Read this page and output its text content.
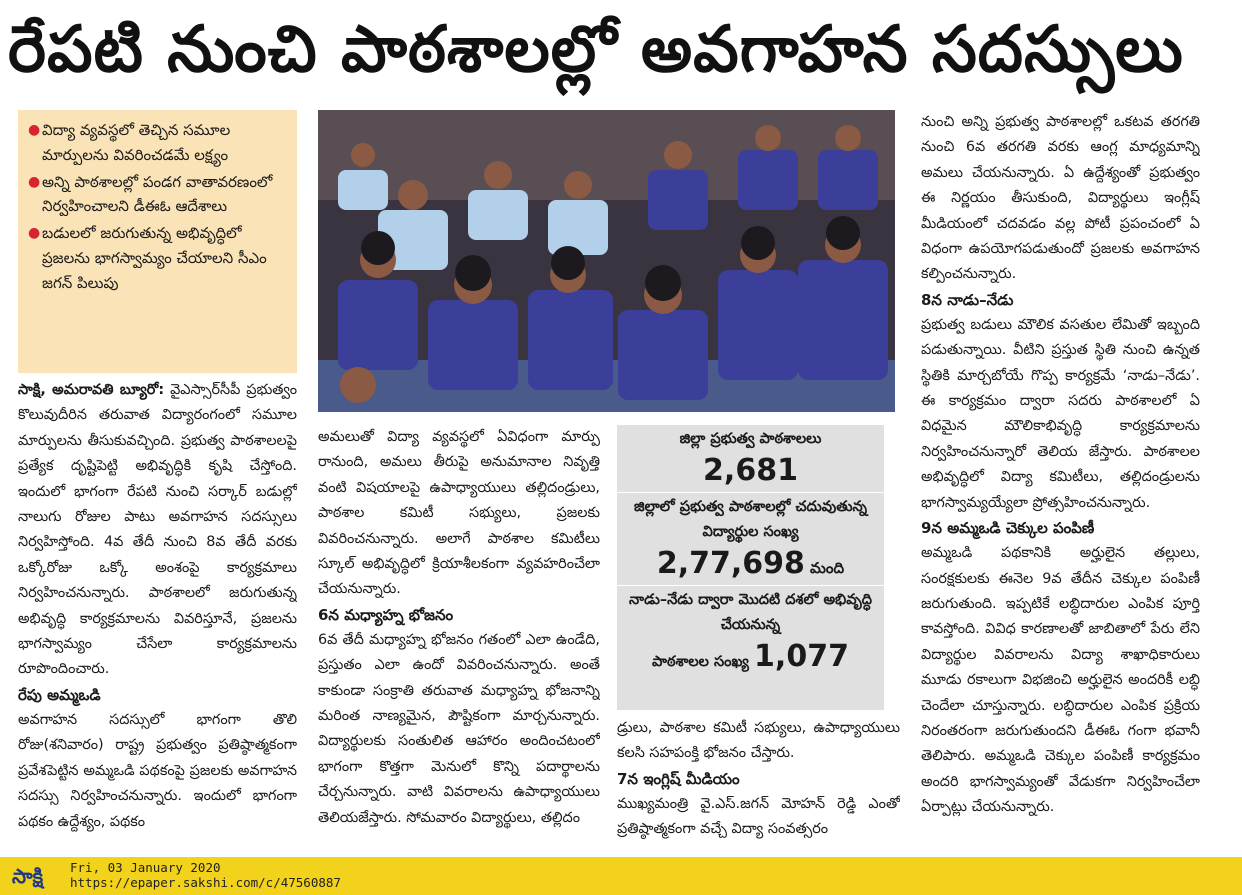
రేపటి నుంచి పాఠశాలల్లో అవగాహన సదస్సులు
● విద్యా వ్యవస్థలో తెచ్చిన సమూల మార్పులను వివరించడమే లక్ష్యం
● అన్ని పాఠశాలల్లో పండగ వాతావరణంలో నిర్వహించాలని డీఈఓ ఆదేశాలు
● బడులలో జరుగుతున్న అభివృద్ధిలో ప్రజలను భాగస్వామ్యం చేయాలని సీఎం జగన్ పిలుపు

సాక్షి, అమరావతి బ్యూరో: వైఎస్సార్‌సీపీ ప్రభుత్వం కొలువుదీరిన తరువాత విద్యారంగంలో సమూల మార్పులను తీసుకువచ్చింది. ప్రభుత్వ పాఠశాలలపై ప్రత్యేక దృష్టిపెట్టి అభివృద్ధికి కృషి చేస్తోంది. ఇందులో భాగంగా రేపటి నుంచి సర్కార్ బడుల్లో నాలుగు రోజుల పాటు అవగాహన సదస్సులు నిర్వహిస్తోంది. 4వ తేదీ నుంచి 8వ తేదీ వరకు ఒక్కోరోజు ఒక్కో అంశంపై కార్యక్రమాలు నిర్వహించనున్నారు. పాఠశాలలో జరుగుతున్న అభివృద్ధి కార్యక్రమాలను వివరిస్తూనే, ప్రజలను భాగస్వామ్యం చేసేలా కార్యక్రమాలను రూపొందించారు.

రేపు అమ్మఒడి

అవగాహన సదస్సులో భాగంగా తొలి రోజు(శనివారం) రాష్ట్ర ప్రభుత్వం ప్రతిష్ఠాత్మకంగా ప్రవేశపెట్టిన అమ్మఒడి పథకంపై ప్రజలకు అవగాహన సదస్సు నిర్వహించనున్నారు. ఇందులో భాగంగా పథకం ఉద్దేశ్యం, పథకం

అమలుతో విద్యా వ్యవస్థలో ఏవిధంగా మార్పు రానుంది, అమలు తీరుపై అనుమానాల నివృత్తి వంటి విషయాలపై ఉపాధ్యాయులు తల్లిదండ్రులు, పాఠశాల కమిటీ సభ్యులు, ప్రజలకు వివరించనున్నారు. అలాగే పాఠశాల కమిటీలు స్కూల్ అభివృద్ధిలో క్రియాశీలకంగా వ్యవహరించేలా చేయనున్నారు.

6న మధ్యాహ్న భోజనం

6వ తేదీ మధ్యాహ్న భోజనం గతంలో ఎలా ఉండేది, ప్రస్తుతం ఎలా ఉందో వివరించనున్నారు. అంతే కాకుండా సంక్రాతి తరువాత మధ్యాహ్న భోజనాన్ని మరింత నాణ్యమైన, పౌష్టికంగా మార్చనున్నారు. విద్యార్థులకు సంతులిత ఆహారం అందించటంలో భాగంగా కొత్తగా మెనులో కొన్ని పదార్థాలను చేర్చనున్నారు. వాటి వివరాలను ఉపాధ్యాయులు తెలియజేస్తారు. సోమవారం విద్యార్థులు, తల్లిదం

జిల్లా ప్రభుత్వ పాఠశాలలు
2,681
జిల్లాలో ప్రభుత్వ పాఠశాలల్లో చదువుతున్న విద్యార్థుల సంఖ్య
2,77,698 మంది
నాడు–నేడు ద్వారా మొదటి దశలో అభివృద్ధి చేయనున్న
పాఠశాలల సంఖ్య 1,077

డ్రులు, పాఠశాల కమిటీ సభ్యులు, ఉపాధ్యాయులు కలసి సహపంక్తి భోజనం చేస్తారు.

7న ఇంగ్లిష్ మీడియం

ముఖ్యమంత్రి వై.ఎస్.జగన్ మోహన్ రెడ్డి ఎంతో ప్రతిష్ఠాత్మకంగా వచ్చే విద్యా సంవత్సరం

నుంచి అన్ని ప్రభుత్వ పాఠశాలల్లో ఒకటవ తరగతి నుంచి 6వ తరగతి వరకు ఆంగ్ల మాధ్యమాన్ని అమలు చేయనున్నారు. ఏ ఉద్దేశ్యంతో ప్రభుత్వం ఈ నిర్ణయం తీసుకుంది, విద్యార్థులు ఇంగ్లీష్ మీడియంలో చదవడం వల్ల పోటీ ప్రపంచంలో ఏ విధంగా ఉపయోగపడుతుందో ప్రజలకు అవగాహన కల్పించనున్నారు.

8న నాడు–నేడు

ప్రభుత్వ బడులు మౌలిక వసతుల లేమితో ఇబ్బంది పడుతున్నాయి. వీటిని ప్రస్తుత స్థితి నుంచి ఉన్నత స్థితికి మార్చబోయే గొప్ప కార్యక్రమే ‘నాడు–నేడు’. ఈ కార్యక్రమం ద్వారా సదరు పాఠశాలలో ఏ విధమైన మౌలికాభివృద్ధి కార్యక్రమాలను నిర్వహించనున్నారో తెలియ జేస్తారు. పాఠశాలల అభివృద్ధిలో విద్యా కమిటీలు, తల్లిదండ్రులను భాగస్వామ్యయ్యేలా ప్రోత్సహించనున్నారు.

9న అమ్మఒడి చెక్కుల పంపిణీ

అమ్మఒడి పథకానికి అర్హులైన తల్లులు, సంరక్షకులకు ఈనెల 9వ తేదీన చెక్కుల పంపిణీ జరుగుతుంది. ఇప్పటికే లబ్ధిదారుల ఎంపిక పూర్తి కావస్తోంది. వివిధ కారణాలతో జాబితాలో పేరు లేని విద్యార్థుల వివరాలను విద్యా శాఖాధికారులు మూడు రకాలుగా విభజించి అర్హులైన అందరికీ లబ్ధి చెందేలా చూస్తున్నారు. లబ్ధిదారుల ఎంపిక ప్రక్రియ నిరంతరంగా జరుగుతుందని డీఈఓ గంగా భవానీ తెలిపారు. అమ్మఒడి చెక్కుల పంపిణీ కార్యక్రమం అందరి భాగస్వామ్యంతో వేడుకగా నిర్వహించేలా ఏర్పాట్లు చేయనున్నారు.

సాక్షి Fri, 03 January 2020
https://epaper.sakshi.com/c/47560887
